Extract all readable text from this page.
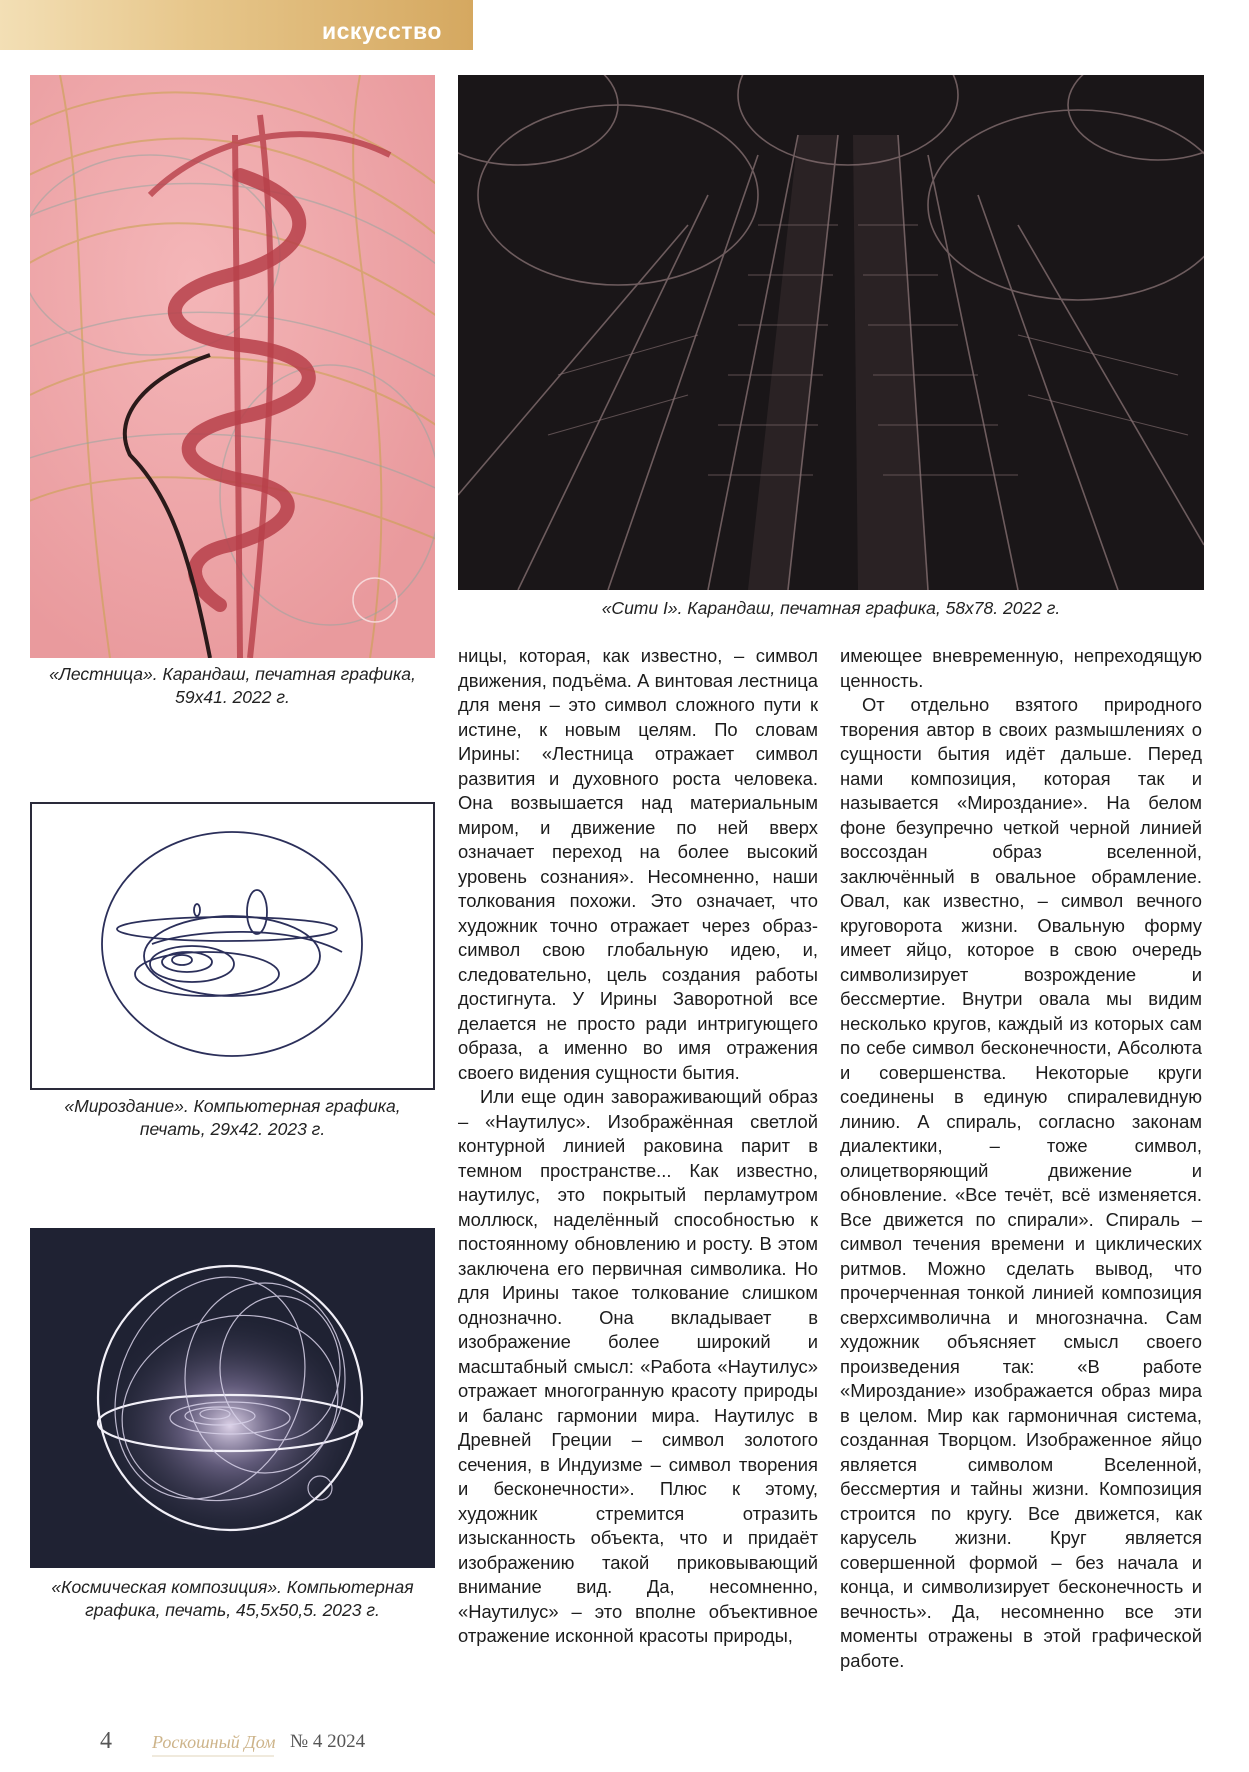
искусство
«Лестница». Карандаш, печатная графика,
59x41. 2022 г.
«Сити I». Карандаш, печатная графика, 58x78. 2022 г.
«Мироздание». Компьютерная графика,
печать, 29x42. 2023 г.
«Космическая композиция». Компьютерная
графика, печать, 45,5x50,5. 2023 г.

ницы, которая, как известно, – символ движения, подъёма. А винтовая лестница для меня – это символ сложного пути к истине, к новым целям. По словам Ирины: «Лестница отражает символ развития и духовного роста человека. Она возвышается над материальным миром, и движение по ней вверх означает переход на более высокий уровень сознания». Несомненно, наши толкования похожи. Это означает, что художник точно отражает через образ-символ свою глобальную идею, и, следовательно, цель создания работы достигнута. У Ирины Заворотной все делается не просто ради интригующего образа, а именно во имя отражения своего видения сущности бытия.

Или еще один завораживающий образ – «Наутилус». Изображённая светлой контурной линией раковина парит в темном пространстве... Как известно, наутилус, это покрытый перламутром моллюск, наделённый способностью к постоянному обновлению и росту. В этом заключена его первичная символика. Но для Ирины такое толкование слишком однозначно. Она вкладывает в изображение более широкий и масштабный смысл: «Работа «Наутилус» отражает многогранную красоту природы и баланс гармонии мира. Наутилус в Древней Греции – символ золотого сечения, в Индуизме – символ творения и бесконечности». Плюс к этому, художник стремится отразить изысканность объекта, что и придаёт изображению такой приковывающий внимание вид. Да, несомненно, «Наутилус» – это вполне объективное отражение исконной красоты природы,

имеющее вневременную, непреходящую ценность.

От отдельно взятого природного творения автор в своих размышлениях о сущности бытия идёт дальше. Перед нами композиция, которая так и называется «Мироздание». На белом фоне безупречно четкой черной линией воссоздан образ вселенной, заключённый в овальное обрамление. Овал, как известно, – символ вечного круговорота жизни. Овальную форму имеет яйцо, которое в свою очередь символизирует возрождение и бессмертие. Внутри овала мы видим несколько кругов, каждый из которых сам по себе символ бесконечности, Абсолюта и совершенства. Некоторые круги соединены в единую спиралевидную линию. А спираль, согласно законам диалектики, – тоже символ, олицетворяющий движение и обновление. «Все течёт, всё изменяется. Все движется по спирали». Спираль – символ течения времени и циклических ритмов. Можно сделать вывод, что прочерченная тонкой линией композиция сверхсимволична и многозначна. Сам художник объясняет смысл своего произведения так: «В работе «Мироздание» изображается образ мира в целом. Мир как гармоничная система, созданная Творцом. Изображенное яйцо является символом Вселенной, бессмертия и тайны жизни. Композиция строится по кругу. Все движется, как карусель жизни. Круг является совершенной формой – без начала и конца, и символизирует бесконечность и вечность». Да, несомненно все эти моменты отражены в этой графической работе.

4 Роскошный Дом № 4 2024
